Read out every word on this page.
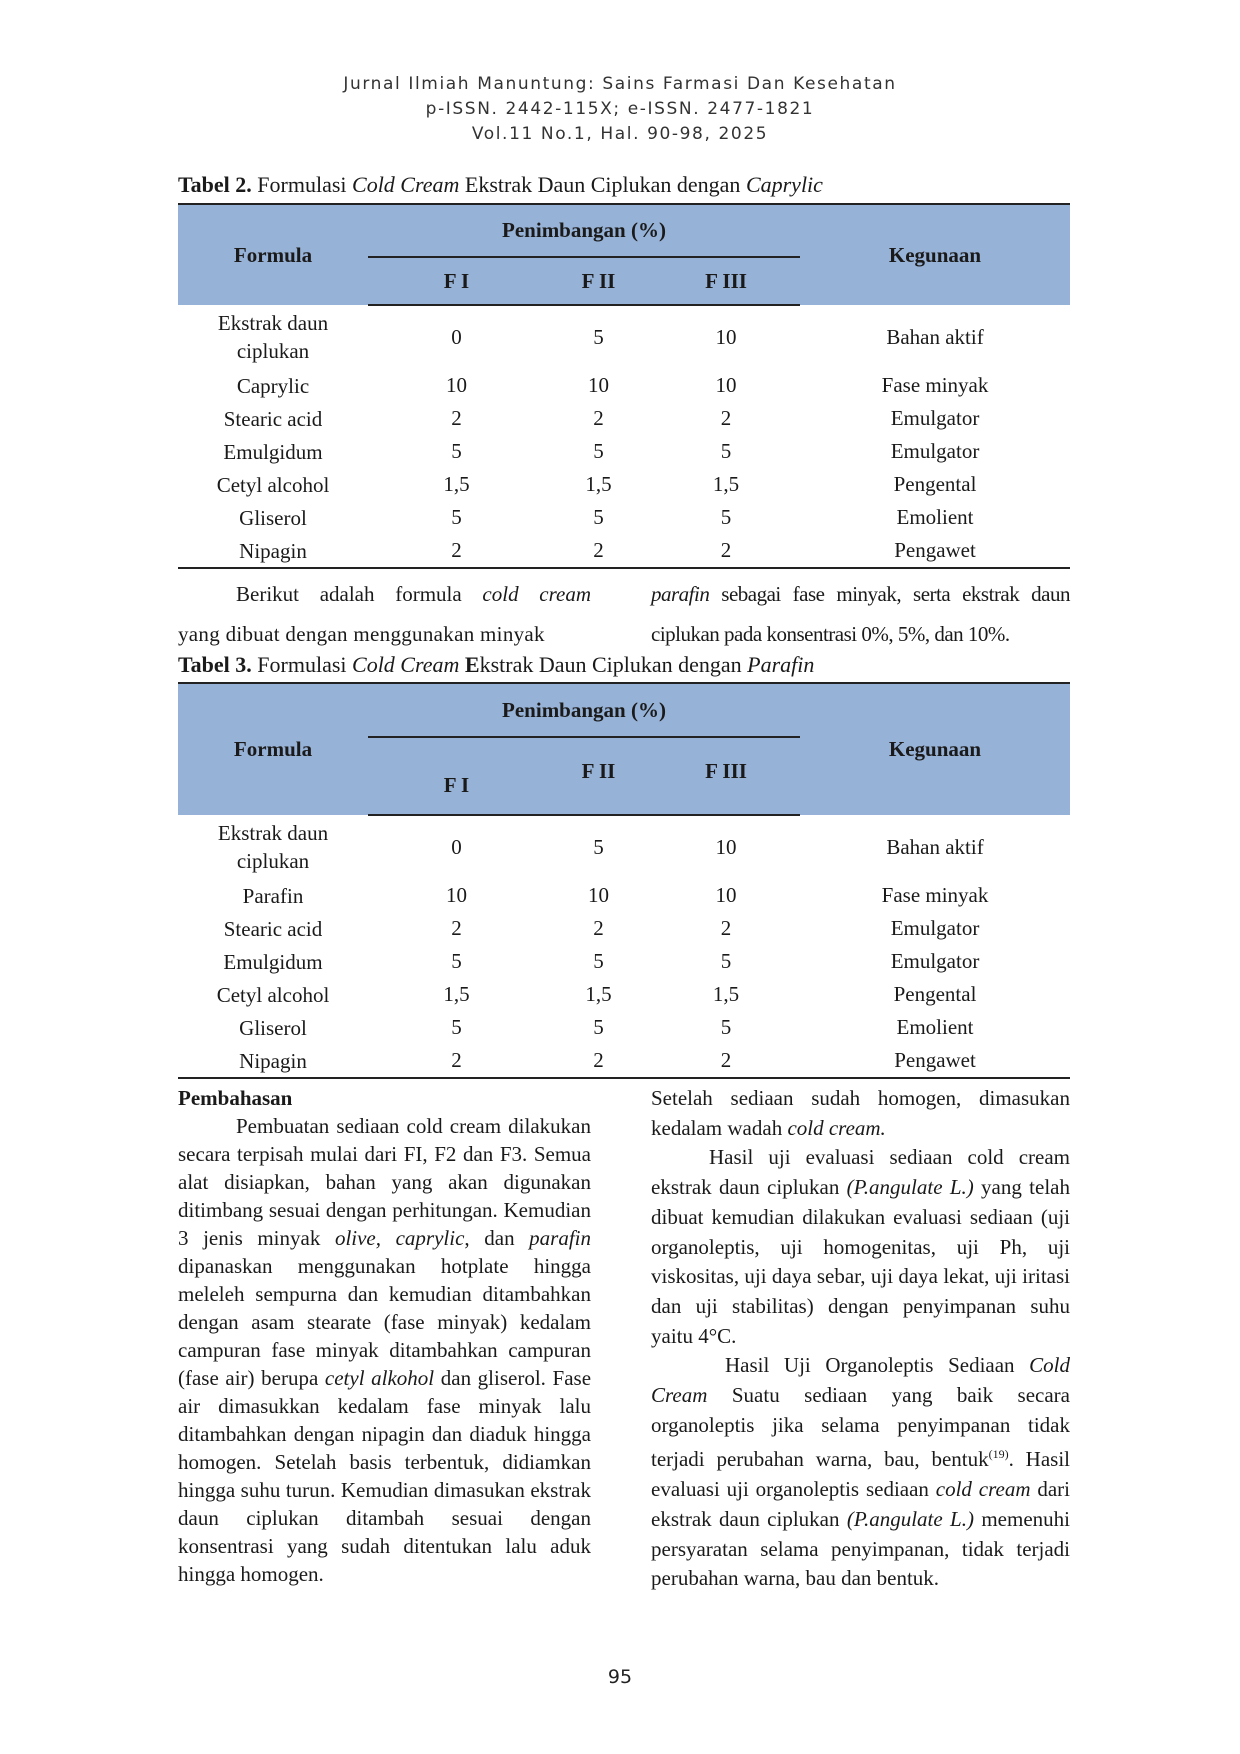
Jurnal Ilmiah Manuntung: Sains Farmasi Dan Kesehatan
p-ISSN. 2442-115X; e-ISSN. 2477-1821
Vol.11 No.1, Hal. 90-98, 2025
Tabel 2. Formulasi Cold Cream Ekstrak Daun Ciplukan dengan Caprylic
Formula	Penimbangan (%)			Kegunaan
	F I	F II	F III	
Ekstrak daun ciplukan	0	5	10	Bahan aktif
Caprylic	10	10	10	Fase minyak
Stearic acid	2	2	2	Emulgator
Emulgidum	5	5	5	Emulgator
Cetyl alcohol	1,5	1,5	1,5	Pengental
Gliserol	5	5	5	Emolient
Nipagin	2	2	2	Pengawet
Berikut adalah formula cold cream
yang dibuat dengan menggunakan minyak
parafin sebagai fase minyak, serta ekstrak daun
ciplukan pada konsentrasi 0%, 5%, dan 10%.
Tabel 3. Formulasi Cold Cream Ekstrak Daun Ciplukan dengan Parafin
Formula	Penimbangan (%)			Kegunaan
	F I	F II	F III	
Ekstrak daun ciplukan	0	5	10	Bahan aktif
Parafin	10	10	10	Fase minyak
Stearic acid	2	2	2	Emulgator
Emulgidum	5	5	5	Emulgator
Cetyl alcohol	1,5	1,5	1,5	Pengental
Gliserol	5	5	5	Emolient
Nipagin	2	2	2	Pengawet
Pembahasan

Pembuatan sediaan cold cream dilakukan secara terpisah mulai dari FI, F2 dan F3. Semua alat disiapkan, bahan yang akan digunakan ditimbang sesuai dengan perhitungan. Kemudian 3 jenis minyak olive, caprylic, dan parafin dipanaskan menggunakan hotplate hingga meleleh sempurna dan kemudian ditambahkan dengan asam stearate (fase minyak) kedalam campuran fase minyak ditambahkan campuran (fase air) berupa cetyl alkohol dan gliserol. Fase air dimasukkan kedalam fase minyak lalu ditambahkan dengan nipagin dan diaduk hingga homogen. Setelah basis terbentuk, didiamkan hingga suhu turun. Kemudian dimasukan ekstrak daun ciplukan ditambah sesuai dengan konsentrasi yang sudah ditentukan lalu aduk hingga homogen.

Setelah sediaan sudah homogen, dimasukan kedalam wadah cold cream.

Hasil uji evaluasi sediaan cold cream ekstrak daun ciplukan (P.angulate L.) yang telah dibuat kemudian dilakukan evaluasi sediaan (uji organoleptis, uji homogenitas, uji Ph, uji viskositas, uji daya sebar, uji daya lekat, uji iritasi dan uji stabilitas) dengan penyimpanan suhu yaitu 4°C.

Hasil Uji Organoleptis Sediaan Cold Cream Suatu sediaan yang baik secara organoleptis jika selama penyimpanan tidak terjadi perubahan warna, bau, bentuk$^{(19)}$. Hasil evaluasi uji organoleptis sediaan cold cream dari ekstrak daun ciplukan (P.angulate L.) memenuhi persyaratan selama penyimpanan, tidak terjadi perubahan warna, bau dan bentuk.

95
